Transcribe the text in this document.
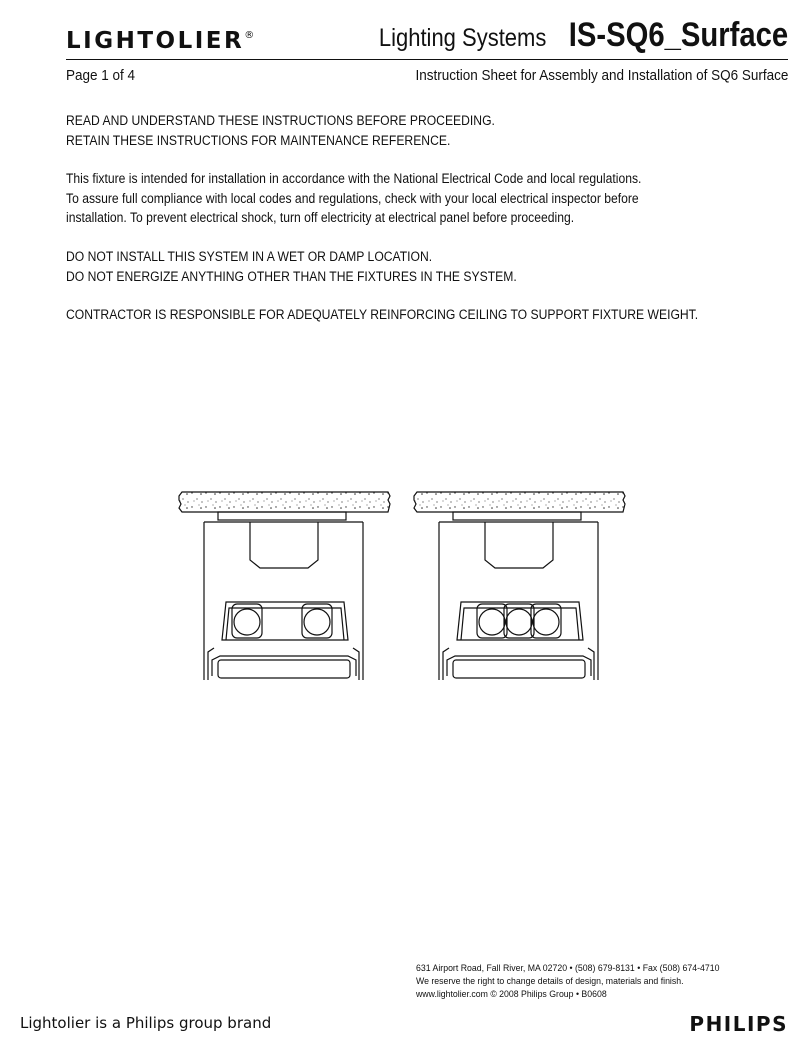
LIGHTOLIER®	Lighting Systems IS-SQ6_Surface
Page 1 of 4	Instruction Sheet for Assembly and Installation of SQ6 Surface
READ AND UNDERSTAND THESE INSTRUCTIONS BEFORE PROCEEDING.
RETAIN THESE INSTRUCTIONS FOR MAINTENANCE REFERENCE.
This fixture is intended for installation in accordance with the National Electrical Code and local regulations.
To assure full compliance with local codes and regulations, check with your local electrical inspector before
installation. To prevent electrical shock, turn off electricity at electrical panel before proceeding.
DO NOT INSTALL THIS SYSTEM IN A WET OR DAMP LOCATION.
DO NOT ENERGIZE ANYTHING OTHER THAN THE FIXTURES IN THE SYSTEM.
CONTRACTOR IS RESPONSIBLE FOR ADEQUATELY REINFORCING CEILING TO SUPPORT FIXTURE WEIGHT.
631 Airport Road, Fall River, MA 02720 • (508) 679-8131 • Fax (508) 674-4710
We reserve the right to change details of design, materials and finish.
www.lightolier.com © 2008 Philips Group • B0608
Lightolier is a Philips group brand	PHILIPS
